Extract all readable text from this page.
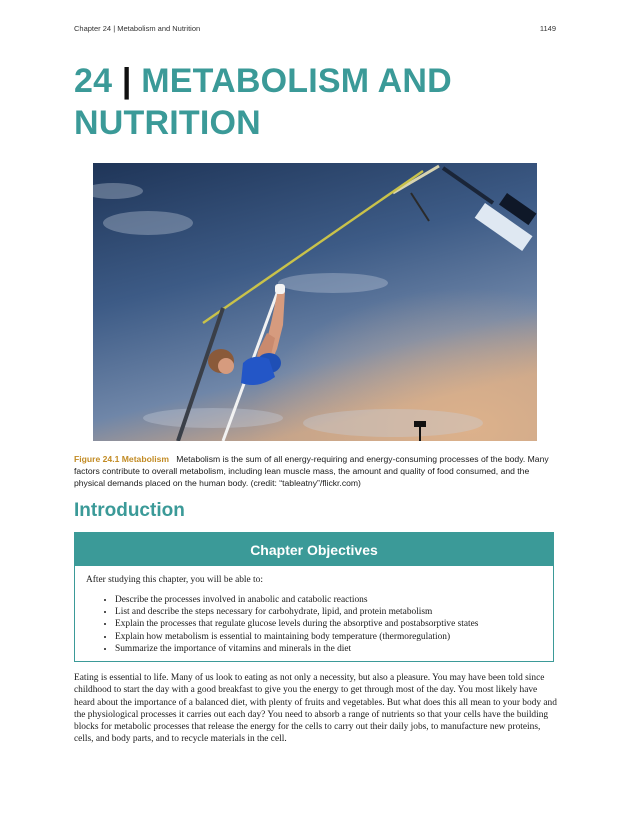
Chapter 24 | Metabolism and Nutrition	1149
24 | METABOLISM AND NUTRITION
Figure 24.1 Metabolism Metabolism is the sum of all energy-requiring and energy-consuming processes of the body. Many factors contribute to overall metabolism, including lean muscle mass, the amount and quality of food consumed, and the physical demands placed on the human body. (credit: “tableatny”/flickr.com)
Introduction
Chapter Objectives
After studying this chapter, you will be able to:
• Describe the processes involved in anabolic and catabolic reactions
• List and describe the steps necessary for carbohydrate, lipid, and protein metabolism
• Explain the processes that regulate glucose levels during the absorptive and postabsorptive states
• Explain how metabolism is essential to maintaining body temperature (thermoregulation)
• Summarize the importance of vitamins and minerals in the diet

Eating is essential to life. Many of us look to eating as not only a necessity, but also a pleasure. You may have been told since childhood to start the day with a good breakfast to give you the energy to get through most of the day. You most likely have heard about the importance of a balanced diet, with plenty of fruits and vegetables. But what does this all mean to your body and the physiological processes it carries out each day? You need to absorb a range of nutrients so that your cells have the building blocks for metabolic processes that release the energy for the cells to carry out their daily jobs, to manufacture new proteins, cells, and body parts, and to recycle materials in the cell.
